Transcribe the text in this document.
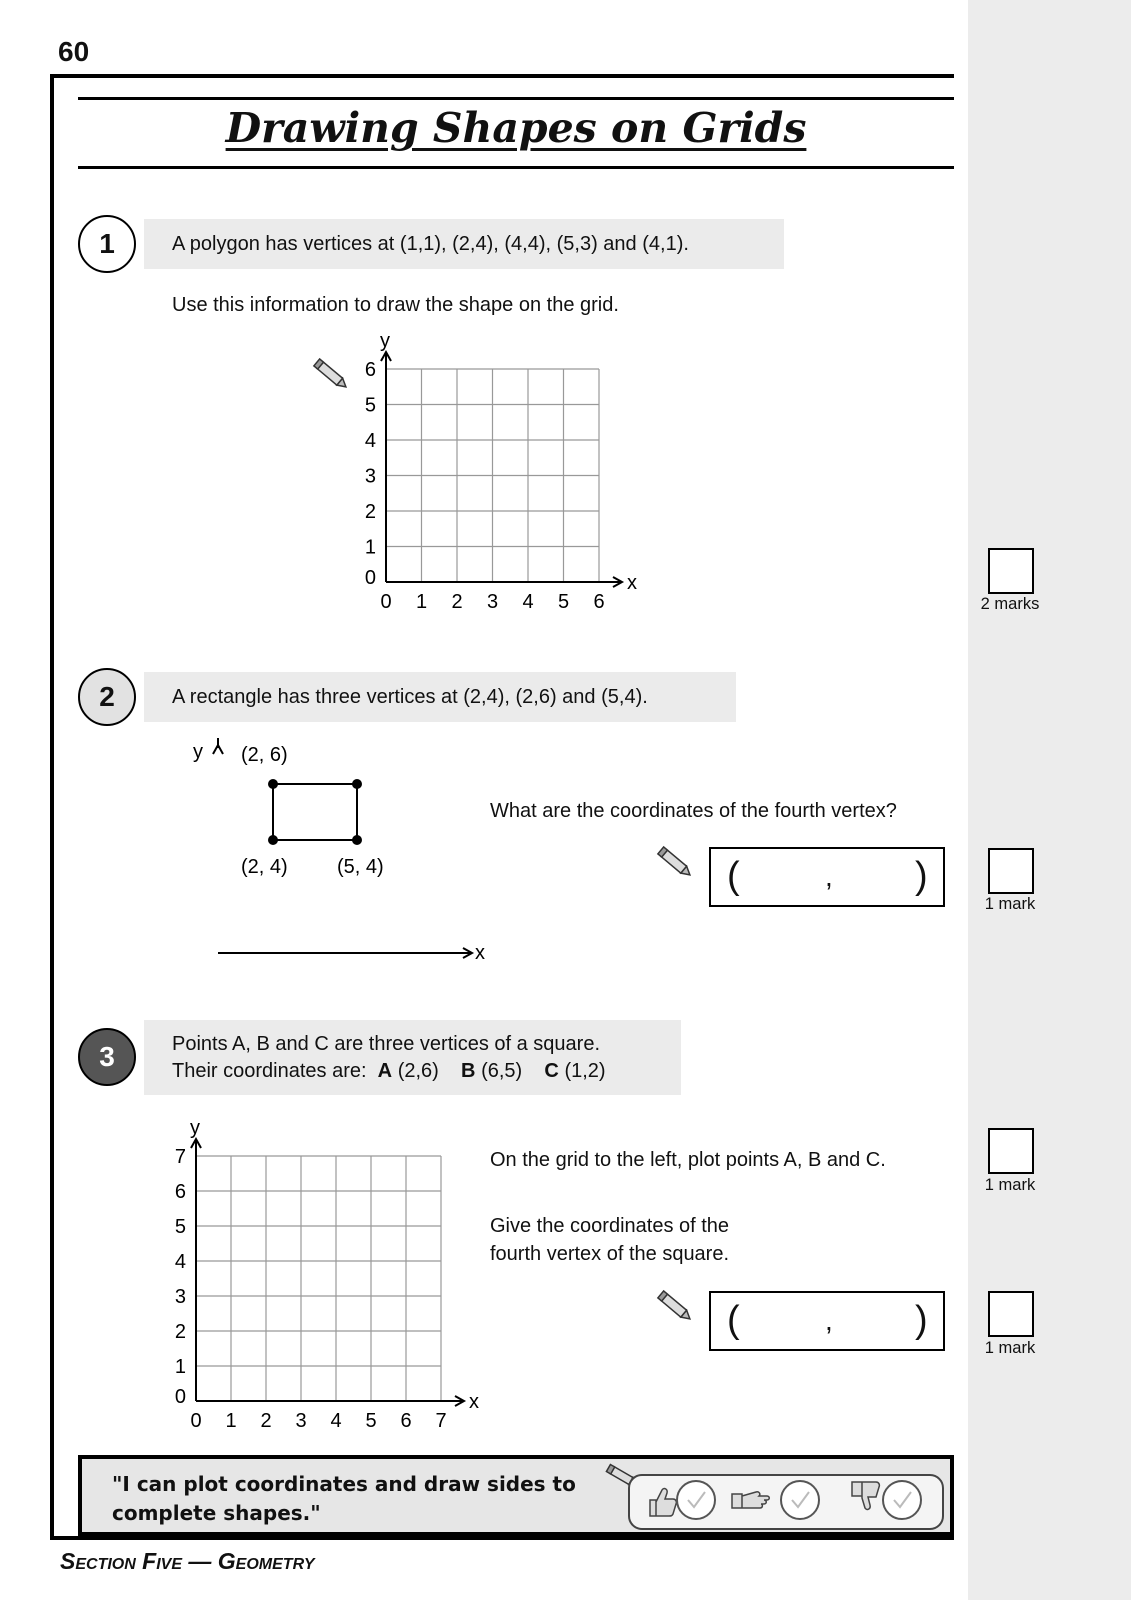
60
Drawing Shapes on Grids
1	A polygon has vertices at (1,1), (2,4), (4,4), (5,3) and (4,1).
Use this information to draw the shape on the grid.
0 1 2 3 4 5 6
0
1
2
3
4
5
6
x
y
2 marks
2	A rectangle has three vertices at (2,4), (2,6) and (5,4).
y
x
(2, 6)
(2, 4) (5, 4)
What are the coordinates of the fourth vertex?
(	, )
1 mark
3	Points A, B and C are three vertices of a square.
Their coordinates are: A (2,6) B (6,5) C (1,2)
0 1 2 3 4 5 6 7
0
1
2
3
4
5
6
7
x
y
On the grid to the left, plot points A, B and C.
Give the coordinates of the
fourth vertex of the square.
(	, )
1 mark
1 mark
"I can plot coordinates and draw sides to
complete shapes."
Section Five — Geometry
